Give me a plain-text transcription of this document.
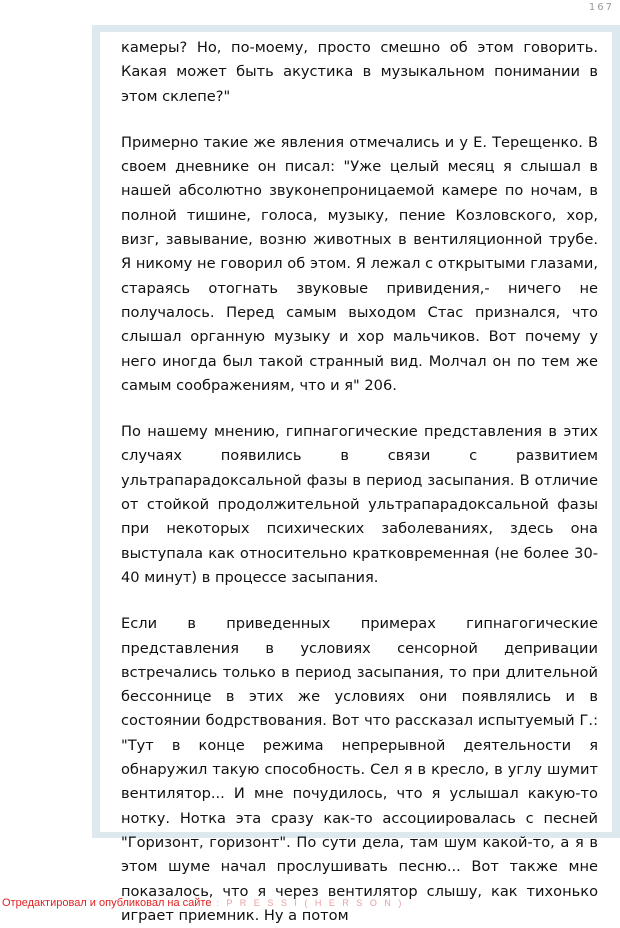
167

камеры? Но, по-моему, просто смешно об этом говорить. Какая может быть акустика в музыкальном понимании в этом склепе?"

Примерно такие же явления отмечались и у Е. Терещенко. В своем дневнике он писал: "Уже целый месяц я слышал в нашей абсолютно звуконепроницаемой камере по ночам, в полной тишине, голоса, музыку, пение Козловского, хор, визг, завывание, возню животных в вентиляционной трубе. Я никому не говорил об этом. Я лежал с открытыми глазами, стараясь отогнать звуковые привидения,- ничего не получалось. Перед самым выходом Стас признался, что слышал органную музыку и хор мальчиков. Вот почему у него иногда был такой странный вид. Молчал он по тем же самым соображениям, что и я" 206.

По нашему мнению, гипнагогические представления в этих случаях появились в связи с развитием ультрапарадоксальной фазы в период засыпания. В отличие от стойкой продолжительной ультрапарадоксальной фазы при некоторых психических заболеваниях, здесь она выступала как относительно кратковременная (не более 30-40 минут) в процессе засыпания.

Если в приведенных примерах гипнагогические представления в условиях сенсорной депривации встречались только в период засыпания, то при длительной бессоннице в этих же условиях они появлялись и в состоянии бодрствования. Вот что рассказал испытуемый Г.: "Тут в конце режима непрерывной деятельности я обнаружил такую способность. Сел я в кресло, в углу шумит вентилятор... И мне почудилось, что я услышал какую-то нотку. Нотка эта сразу как-то ассоциировалась с песней "Горизонт, горизонт". По сути дела, там шум какой-то, а я в этом шуме начал прослушивать песню... Вот также мне показалось, что я через вентилятор слышу, как тихонько играет приемник. Ну а потом

Отредактировал и опубликовал на сайте : P R E S S I ( H E R S O N )
